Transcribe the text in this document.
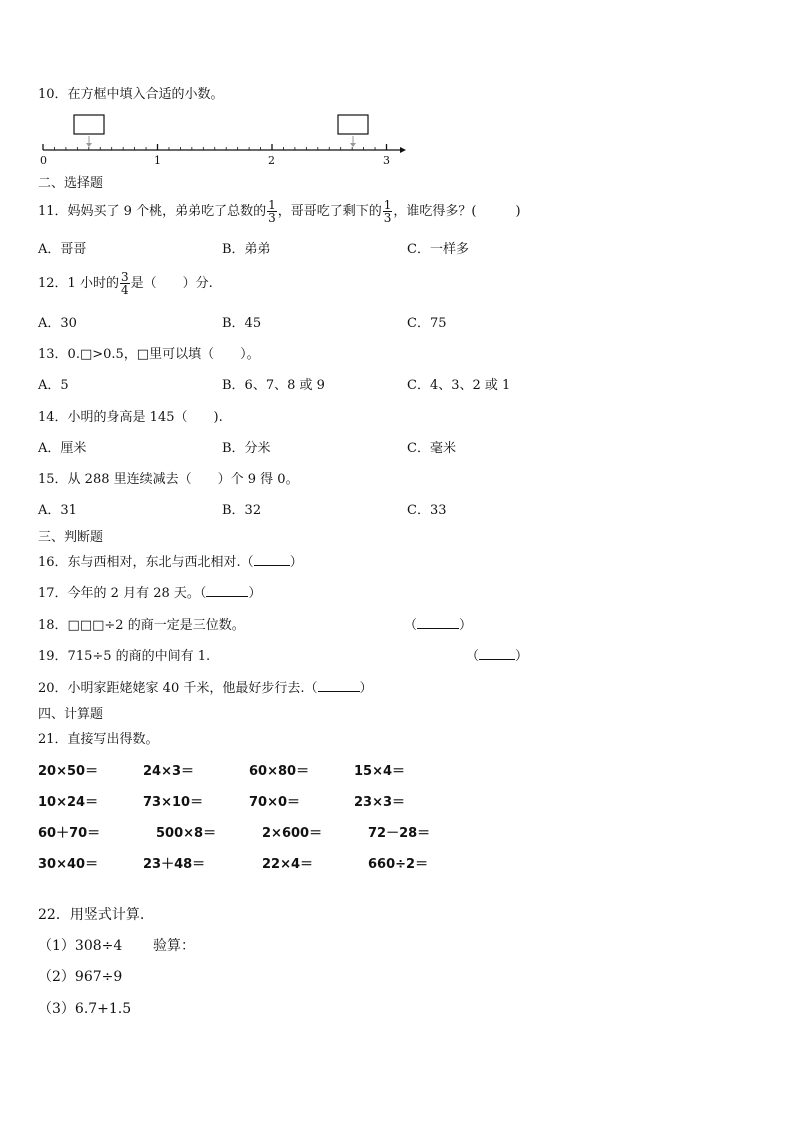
10．在方框中填入合适的小数。
0	1	2	3
二、选择题
11．妈妈买了 9 个桃，弟弟吃了总数的 $\frac{1}{3}$ ，哥哥吃了剩下的 $\frac{1}{3}$ ，谁吃得多？(　　　)
A．哥哥	B．弟弟	C．一样多
12．1 小时的 $\frac{3}{4}$ 是（　　）分.
A．30	B．45	C．75
13．0.□>0.5，□里可以填（　　）。
A．5	B．6、7、8 或 9	C．4、3、2 或 1
14．小明的身高是 145（　　).
A．厘米	B．分米	C．毫米
15．从 288 里连续减去（　　）个 9 得 0。
A．31	B．32	C．33
三、判断题
16．东与西相对，东北与西北相对.（	）
17．今年的 2 月有 28 天。（	）
18．□□□÷2 的商一定是三位数。	（	）
19．715÷5 的商的中间有 1.	（	）
20．小明家距姥姥家 40 千米，他最好步行去.（	）
四、计算题
21．直接写出得数。
20×50＝	24×3＝	60×80＝	15×4＝
10×24＝	73×10＝	70×0＝	23×3＝
60＋70＝	500×8＝	2×600＝	72－28＝
30×40＝	23＋48＝	22×4＝	660÷2＝
22．用竖式计算.
（1）308÷4 验算：
（2）967÷9
（3）6.7+1.5
